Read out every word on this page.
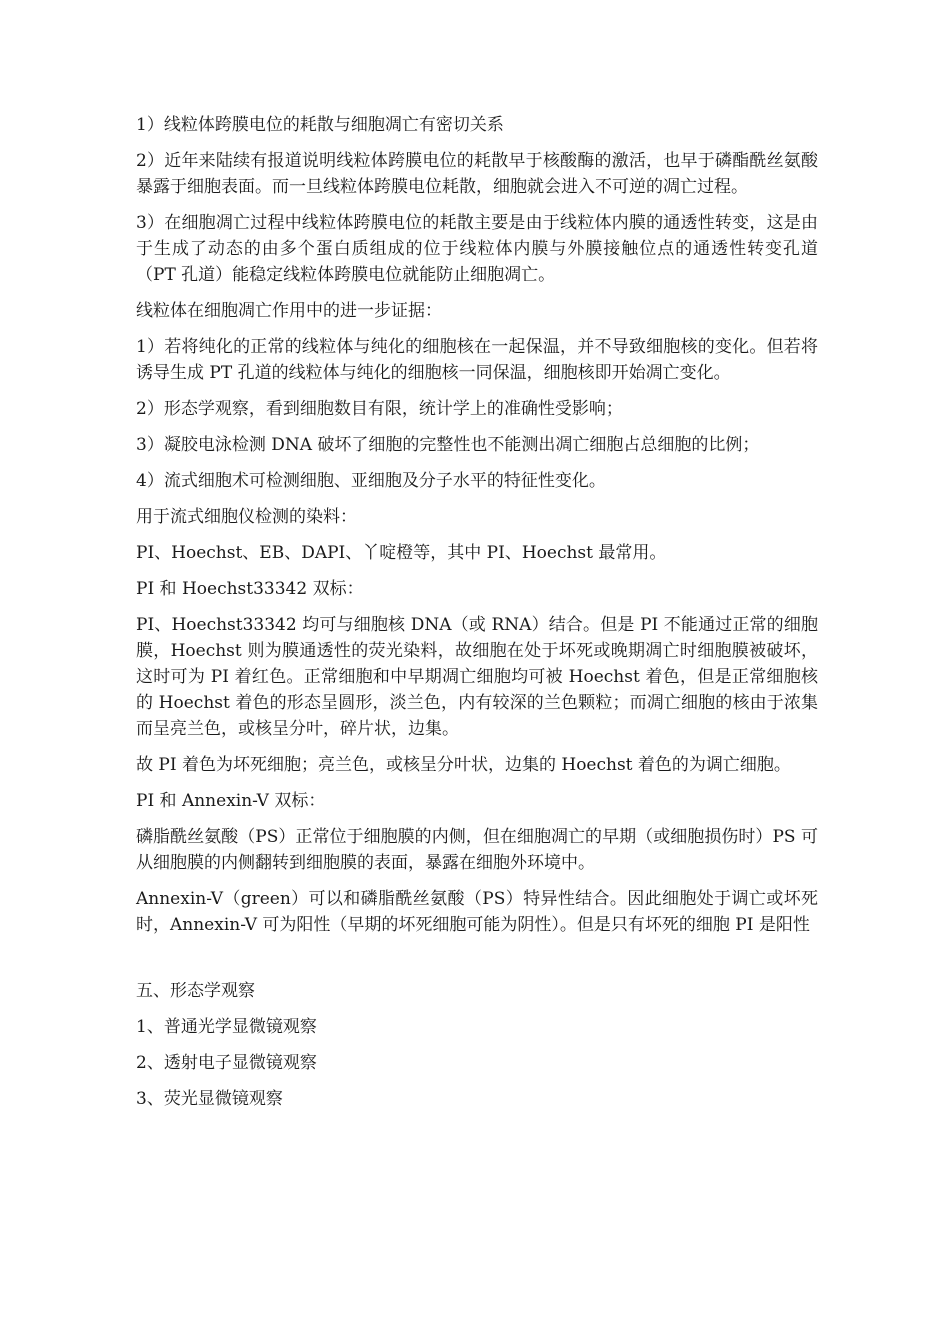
1）线粒体跨膜电位的耗散与细胞凋亡有密切关系

2）近年来陆续有报道说明线粒体跨膜电位的耗散早于核酸酶的激活，也早于磷酯酰丝氨酸暴露于细胞表面。而一旦线粒体跨膜电位耗散，细胞就会进入不可逆的凋亡过程。

3）在细胞凋亡过程中线粒体跨膜电位的耗散主要是由于线粒体内膜的通透性转变，这是由于生成了动态的由多个蛋白质组成的位于线粒体内膜与外膜接触位点的通透性转变孔道（PT 孔道）能稳定线粒体跨膜电位就能防止细胞凋亡。

线粒体在细胞凋亡作用中的进一步证据：

1）若将纯化的正常的线粒体与纯化的细胞核在一起保温，并不导致细胞核的变化。但若将诱导生成 PT 孔道的线粒体与纯化的细胞核一同保温，细胞核即开始凋亡变化。

2）形态学观察，看到细胞数目有限，统计学上的准确性受影响；

3）凝胶电泳检测 DNA 破坏了细胞的完整性也不能测出凋亡细胞占总细胞的比例；

4）流式细胞术可检测细胞、亚细胞及分子水平的特征性变化。

用于流式细胞仪检测的染料：

PI、Hoechst、EB、DAPI、丫啶橙等，其中 PI、Hoechst 最常用。

PI 和 Hoechst33342 双标：

PI、Hoechst33342 均可与细胞核 DNA（或 RNA）结合。但是 PI 不能通过正常的细胞膜，Hoechst 则为膜通透性的荧光染料，故细胞在处于坏死或晚期凋亡时细胞膜被破坏，这时可为 PI 着红色。正常细胞和中早期凋亡细胞均可被 Hoechst 着色，但是正常细胞核的 Hoechst 着色的形态呈圆形，淡兰色，内有较深的兰色颗粒；而凋亡细胞的核由于浓集而呈亮兰色，或核呈分叶，碎片状，边集。

故 PI 着色为坏死细胞；亮兰色，或核呈分叶状，边集的 Hoechst 着色的为调亡细胞。

PI 和 Annexin-V 双标：

磷脂酰丝氨酸（PS）正常位于细胞膜的内侧，但在细胞凋亡的早期（或细胞损伤时）PS 可从细胞膜的内侧翻转到细胞膜的表面，暴露在细胞外环境中。

Annexin-V（green）可以和磷脂酰丝氨酸（PS）特异性结合。因此细胞处于调亡或坏死时，Annexin-V 可为阳性（早期的坏死细胞可能为阴性）。但是只有坏死的细胞 PI 是阳性

五、形态学观察

1、普通光学显微镜观察

2、透射电子显微镜观察

3、荧光显微镜观察
